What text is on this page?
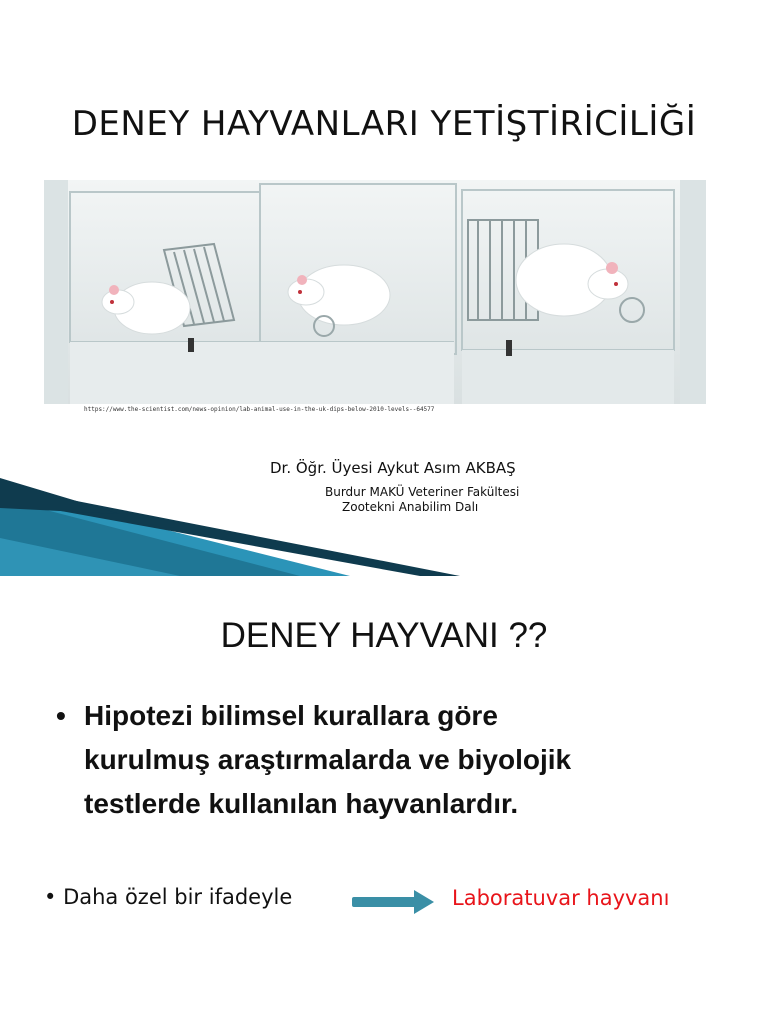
DENEY HAYVANLARI YETİŞTİRİCİLİĞİ
https://www.the-scientist.com/news-opinion/lab-animal-use-in-the-uk-dips-below-2010-levels--64577
Dr. Öğr. Üyesi Aykut Asım AKBAŞ
Burdur MAKÜ Veteriner Fakültesi
Zootekni Anabilim Dalı
DENEY HAYVANI ??
• Hipotezi bilimsel kurallara göre
kurulmuş araştırmalarda ve biyolojik
testlerde kullanılan hayvanlardır.
• Daha özel bir ifadeyle	Laboratuvar hayvanı
